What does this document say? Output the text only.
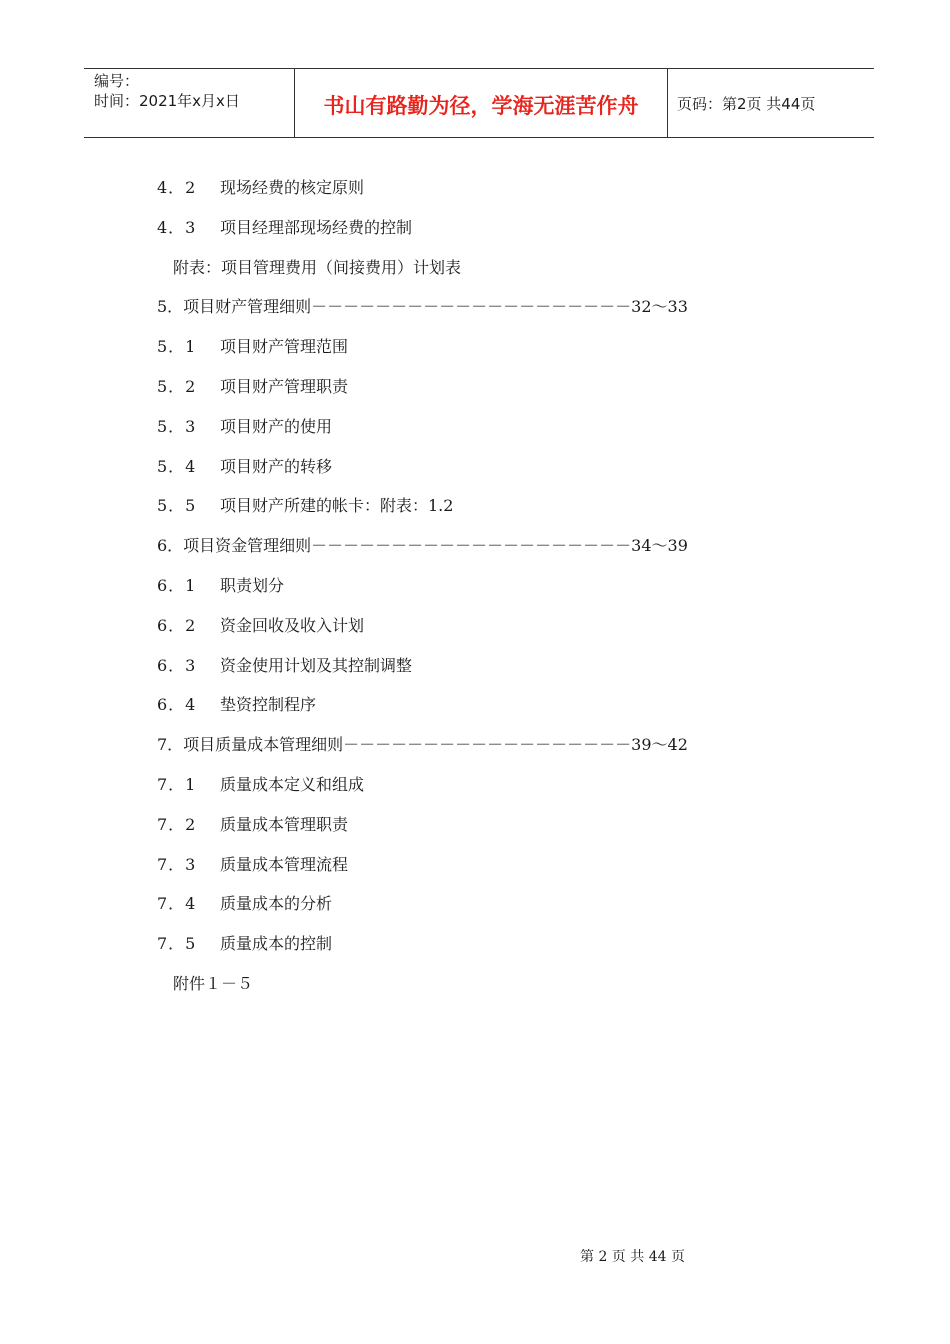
编号：
时间：2021年x月x日	书山有路勤为径，学海无涯苦作舟	页码：第2页 共44页
4．2	现场经费的核定原则
4．3	项目经理部现场经费的控制
附表：项目管理费用（间接费用）计划表
5．项目财产管理细则－－－－－－－－－－－－－－－－－－－－32～33
5．1	项目财产管理范围
5．2	项目财产管理职责
5．3	项目财产的使用
5．4	项目财产的转移
5．5	项目财产所建的帐卡：附表：1.2
6．项目资金管理细则－－－－－－－－－－－－－－－－－－－－34～39
6．1	职责划分
6．2	资金回收及收入计划
6．3	资金使用计划及其控制调整
6．4	垫资控制程序
7．项目质量成本管理细则－－－－－－－－－－－－－－－－－－39～42
7．1	质量成本定义和组成
7．2	质量成本管理职责
7．3	质量成本管理流程
7．4	质量成本的分析
7．5	质量成本的控制
附件１－５
第 2 页 共 44 页
